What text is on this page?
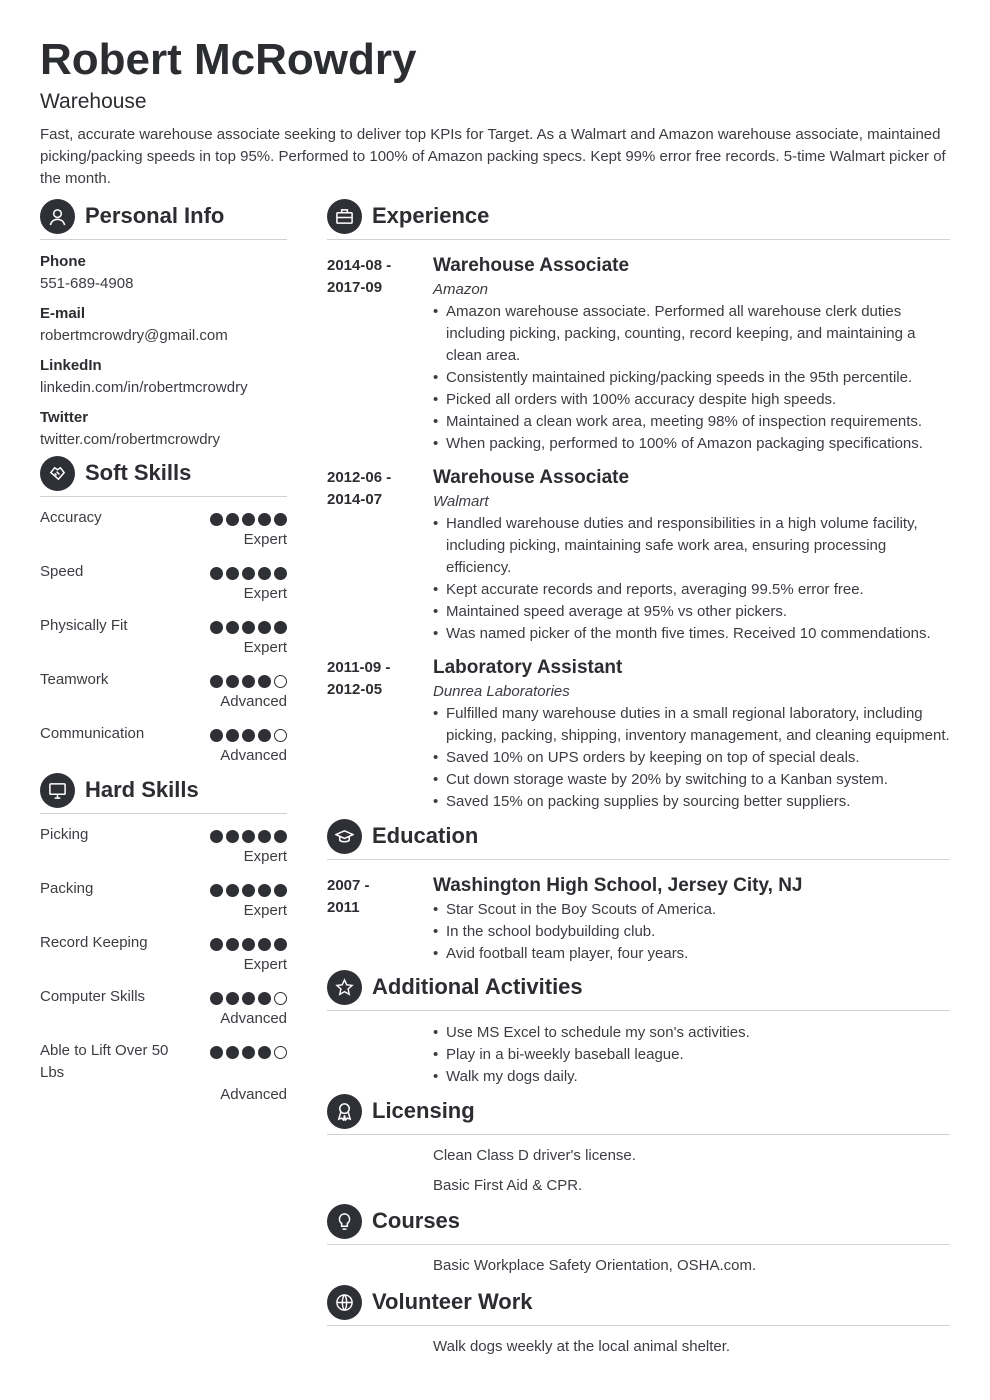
Robert McRowdry
Warehouse
Fast, accurate warehouse associate seeking to deliver top KPIs for Target. As a Walmart and Amazon warehouse associate, maintained picking/packing speeds in top 95%. Performed to 100% of Amazon packing specs. Kept 99% error free records. 5-time Walmart picker of the month.
Personal Info
Phone
551-689-4908
E-mail
robertmcrowdry@gmail.com
LinkedIn
linkedin.com/in/robertmcrowdry
Twitter
twitter.com/robertmcrowdry
Soft Skills
Accuracy
Expert
Speed
Expert
Physically Fit
Expert
Teamwork
Advanced
Communication
Advanced
Hard Skills
Picking
Expert
Packing
Expert
Record Keeping
Expert
Computer Skills
Advanced
Able to Lift Over 50 Lbs
Advanced
Experience
2014-08 -
2017-09
Warehouse Associate
Amazon
• Amazon warehouse associate. Performed all warehouse clerk duties including picking, packing, counting, record keeping, and maintaining a clean area.
• Consistently maintained picking/packing speeds in the 95th percentile.
• Picked all orders with 100% accuracy despite high speeds.
• Maintained a clean work area, meeting 98% of inspection requirements.
• When packing, performed to 100% of Amazon packaging specifications.
2012-06 -
2014-07
Warehouse Associate
Walmart
• Handled warehouse duties and responsibilities in a high volume facility, including picking, maintaining safe work area, ensuring processing efficiency.
• Kept accurate records and reports, averaging 99.5% error free.
• Maintained speed average at 95% vs other pickers.
• Was named picker of the month five times. Received 10 commendations.
2011-09 -
2012-05
Laboratory Assistant
Dunrea Laboratories
• Fulfilled many warehouse duties in a small regional laboratory, including picking, packing, shipping, inventory management, and cleaning equipment.
• Saved 10% on UPS orders by keeping on top of special deals.
• Cut down storage waste by 20% by switching to a Kanban system.
• Saved 15% on packing supplies by sourcing better suppliers.
Education
2007 -
2011
Washington High School, Jersey City, NJ
• Star Scout in the Boy Scouts of America.
• In the school bodybuilding club.
• Avid football team player, four years.
Additional Activities
• Use MS Excel to schedule my son's activities.
• Play in a bi-weekly baseball league.
• Walk my dogs daily.
Licensing
Clean Class D driver's license.
Basic First Aid & CPR.
Courses
Basic Workplace Safety Orientation, OSHA.com.
Volunteer Work
Walk dogs weekly at the local animal shelter.
